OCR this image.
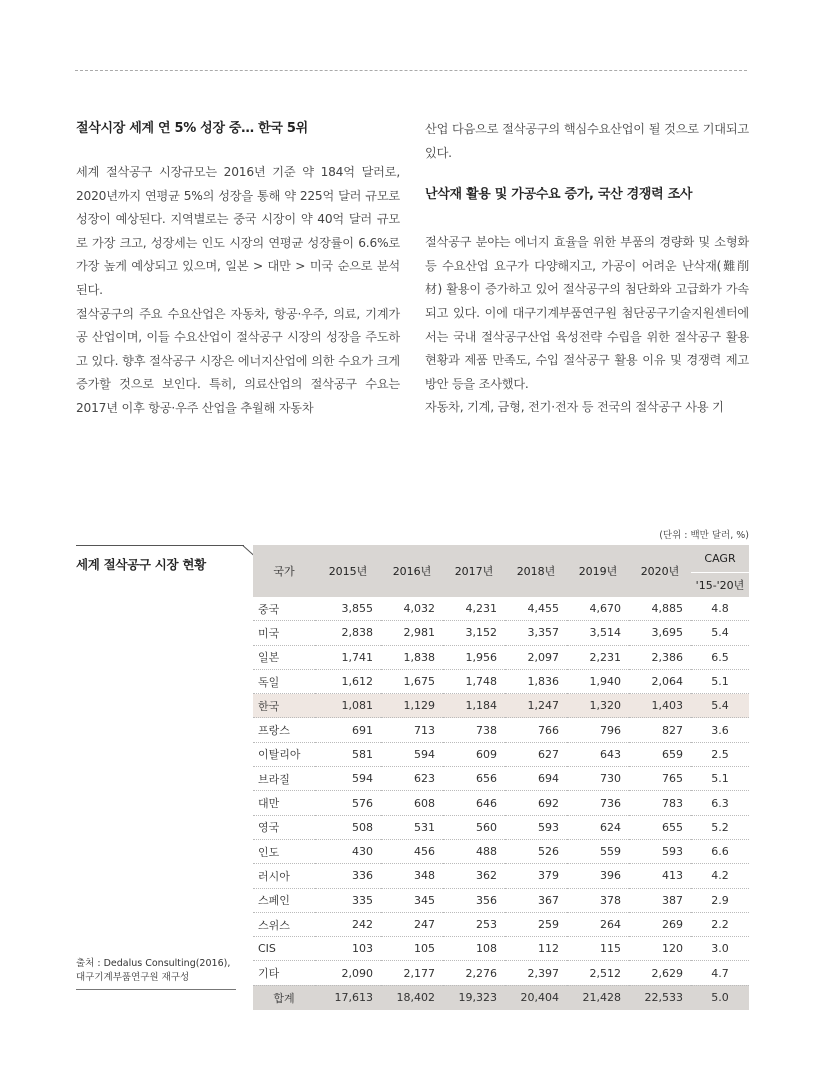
절삭시장 세계 연 5% 성장 중… 한국 5위

세계 절삭공구 시장규모는 2016년 기준 약 184억 달러로, 2020년까지 연평균 5%의 성장을 통해 약 225억 달러 규모로 성장이 예상된다. 지역별로는 중국 시장이 약 40억 달러 규모로 가장 크고, 성장세는 인도 시장의 연평균 성장률이 6.6%로 가장 높게 예상되고 있으며, 일본 > 대만 > 미국 순으로 분석된다.

절삭공구의 주요 수요산업은 자동차, 항공·우주, 의료, 기계가공 산업이며, 이들 수요산업이 절삭공구 시장의 성장을 주도하고 있다. 향후 절삭공구 시장은 에너지산업에 의한 수요가 크게 증가할 것으로 보인다. 특히, 의료산업의 절삭공구 수요는 2017년 이후 항공·우주 산업을 추월해 자동차

산업 다음으로 절삭공구의 핵심수요산업이 될 것으로 기대되고 있다.

난삭재 활용 및 가공수요 증가, 국산 경쟁력 조사

절삭공구 분야는 에너지 효율을 위한 부품의 경량화 및 소형화 등 수요산업 요구가 다양해지고, 가공이 어려운 난삭재(難削材) 활용이 증가하고 있어 절삭공구의 첨단화와 고급화가 가속되고 있다. 이에 대구기계부품연구원 첨단공구기술지원센터에서는 국내 절삭공구산업 육성전략 수립을 위한 절삭공구 활용현황과 제품 만족도, 수입 절삭공구 활용 이유 및 경쟁력 제고 방안 등을 조사했다.

자동차, 기계, 금형, 전기·전자 등 전국의 절삭공구 사용 기

세계 절삭공구 시장 현황
(단위 : 백만 달러, %)
국가	2015년	2016년	2017년	2018년	2019년	2020년	CAGR
							'15-'20년
중국	3,855	4,032	4,231	4,455	4,670	4,885	4.8
미국	2,838	2,981	3,152	3,357	3,514	3,695	5.4
일본	1,741	1,838	1,956	2,097	2,231	2,386	6.5
독일	1,612	1,675	1,748	1,836	1,940	2,064	5.1
한국	1,081	1,129	1,184	1,247	1,320	1,403	5.4
프랑스	691	713	738	766	796	827	3.6
이탈리아	581	594	609	627	643	659	2.5
브라질	594	623	656	694	730	765	5.1
대만	576	608	646	692	736	783	6.3
영국	508	531	560	593	624	655	5.2
인도	430	456	488	526	559	593	6.6
러시아	336	348	362	379	396	413	4.2
스페인	335	345	356	367	378	387	2.9
스위스	242	247	253	259	264	269	2.2
CIS	103	105	108	112	115	120	3.0
기타	2,090	2,177	2,276	2,397	2,512	2,629	4.7
합계	17,613	18,402	19,323	20,404	21,428	22,533	5.0
출처 : Dedalus Consulting(2016),
대구기계부품연구원 재구성
